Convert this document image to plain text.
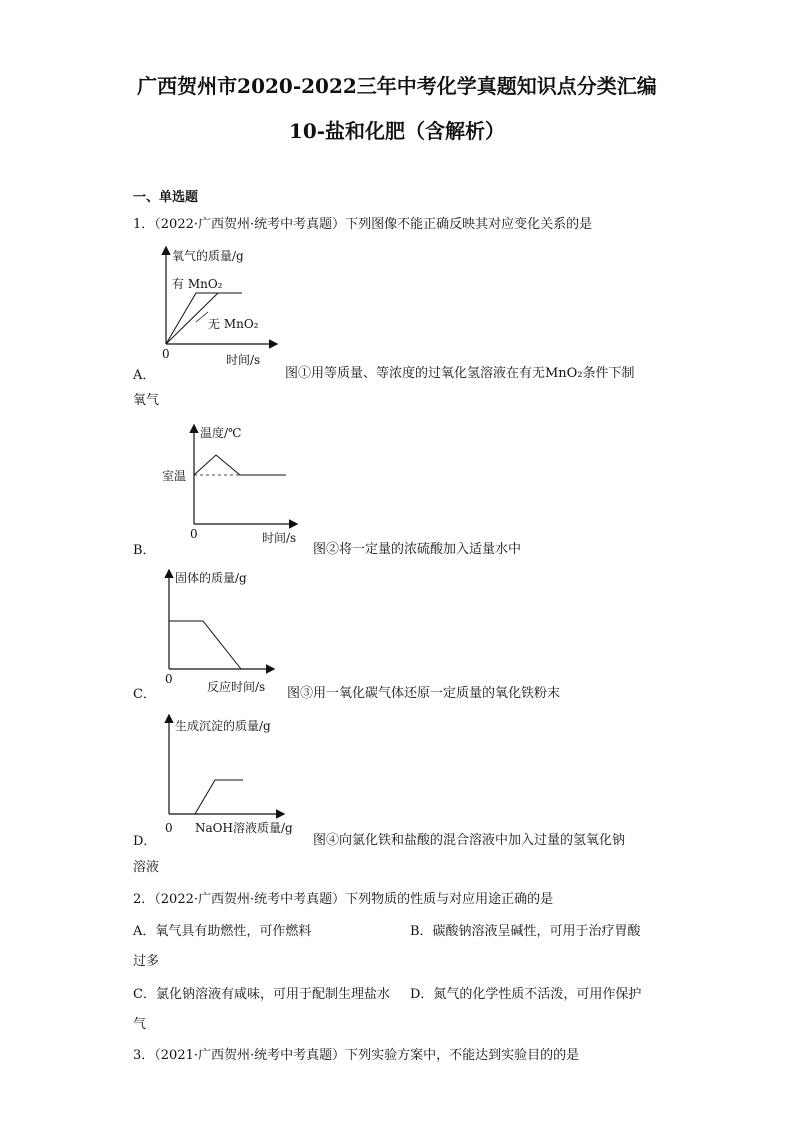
广西贺州市2020-2022三年中考化学真题知识点分类汇编
10-盐和化肥（含解析）
一、单选题
1．（2022·广西贺州·统考中考真题）下列图像不能正确反映其对应变化关系的是
氧气的质量/g
有 MnO₂
无 MnO₂
0	时间/s
A．	图①用等质量、等浓度的过氧化氢溶液在有无MnO₂条件下制
氧气
温度/℃
室温
0	时间/s
B．	图②将一定量的浓硫酸加入适量水中
固体的质量/g
0
反应时间/s
C．	图③用一氧化碳气体还原一定质量的氧化铁粉末
生成沉淀的质量/g
0 NaOH溶液质量/g
D．	图④向氯化铁和盐酸的混合溶液中加入过量的氢氧化钠
溶液
2．（2022·广西贺州·统考中考真题）下列物质的性质与对应用途正确的是
A．氧气具有助燃性，可作燃料	B．碳酸钠溶液呈碱性，可用于治疗胃酸
过多
C．氯化钠溶液有咸味，可用于配制生理盐水 D．氮气的化学性质不活泼，可用作保护
气
3．（2021·广西贺州·统考中考真题）下列实验方案中，不能达到实验目的的是
